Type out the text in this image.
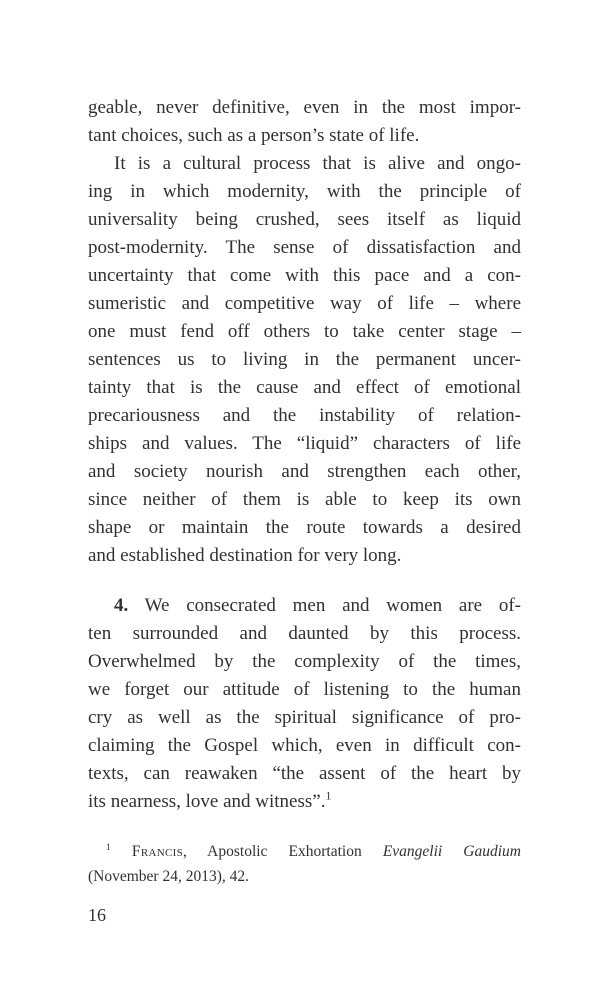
geable, never definitive, even in the most impor-
tant choices, such as a person’s state of life.
It is a cultural process that is alive and ongo-
ing in which modernity, with the principle of
universality being crushed, sees itself as liquid
post-modernity. The sense of dissatisfaction and
uncertainty that come with this pace and a con-
sumeristic and competitive way of life – where
one must fend off others to take center stage –
sentences us to living in the permanent uncer-
tainty that is the cause and effect of emotional
precariousness and the instability of relation-
ships and values. The “liquid” characters of life
and society nourish and strengthen each other,
since neither of them is able to keep its own
shape or maintain the route towards a desired
and established destination for very long.
4. We consecrated men and women are of-
ten surrounded and daunted by this process.
Overwhelmed by the complexity of the times,
we forget our attitude of listening to the human
cry as well as the spiritual significance of pro-
claiming the Gospel which, even in difficult con-
texts, can reawaken “the assent of the heart by
its nearness, love and witness”.$^1$
$^1$ Francis, Apostolic Exhortation Evangelii Gaudium
(November 24, 2013), 42.
16
